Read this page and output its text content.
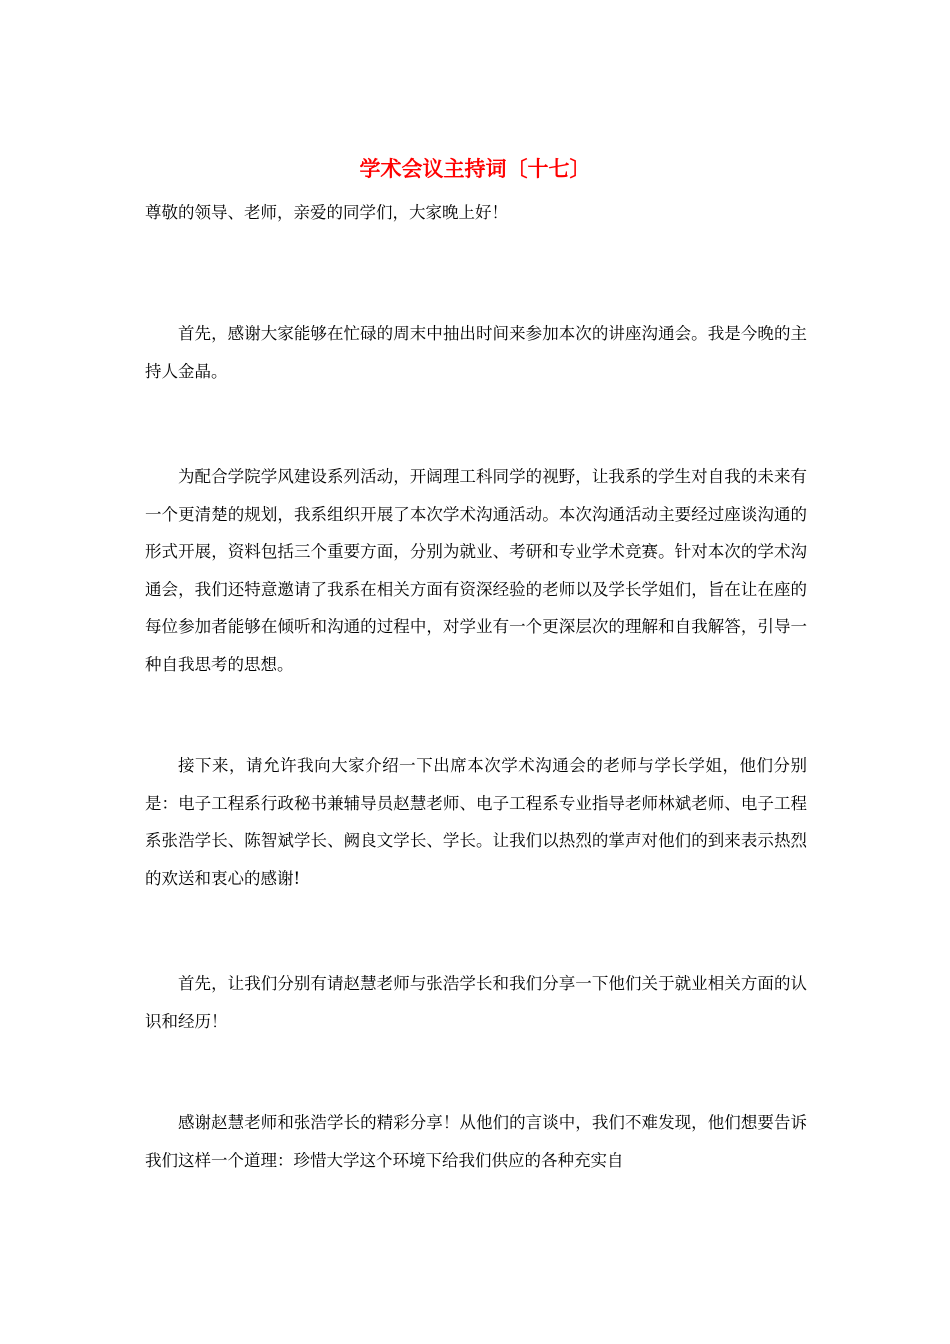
学术会议主持词〔十七〕

尊敬的领导、老师，亲爱的同学们，大家晚上好！

首先，感谢大家能够在忙碌的周末中抽出时间来参加本次的讲座沟通会。我是今晚的主持人金晶。

为配合学院学风建设系列活动，开阔理工科同学的视野，让我系的学生对自我的未来有一个更清楚的规划，我系组织开展了本次学术沟通活动。本次沟通活动主要经过座谈沟通的形式开展，资料包括三个重要方面，分别为就业、考研和专业学术竞赛。针对本次的学术沟通会，我们还特意邀请了我系在相关方面有资深经验的老师以及学长学姐们，旨在让在座的每位参加者能够在倾听和沟通的过程中，对学业有一个更深层次的理解和自我解答，引导一种自我思考的思想。

接下来，请允许我向大家介绍一下出席本次学术沟通会的老师与学长学姐，他们分别是：电子工程系行政秘书兼辅导员赵慧老师、电子工程系专业指导老师林斌老师、电子工程系张浩学长、陈智斌学长、阙良文学长、学长。让我们以热烈的掌声对他们的到来表示热烈的欢送和衷心的感谢!

首先，让我们分别有请赵慧老师与张浩学长和我们分享一下他们关于就业相关方面的认识和经历！

感谢赵慧老师和张浩学长的精彩分享！从他们的言谈中，我们不难发现，他们想要告诉我们这样一个道理：珍惜大学这个环境下给我们供应的各种充实自
